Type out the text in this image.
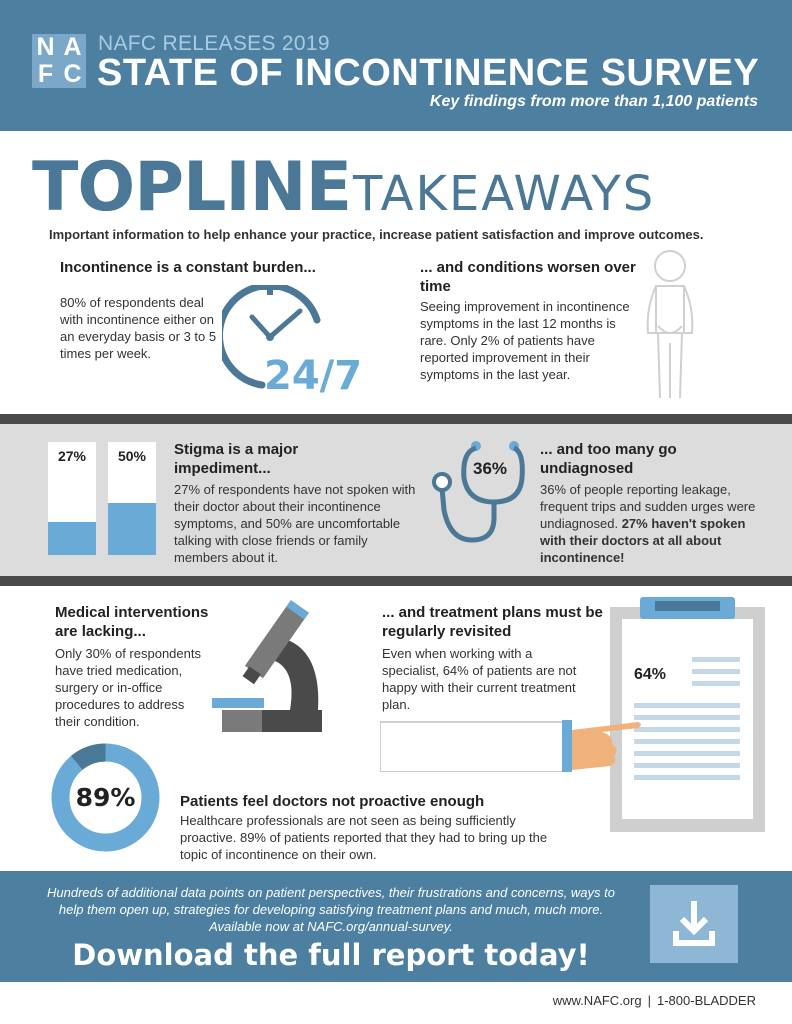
N A
F C
NAFC RELEASES 2019
STATE OF INCONTINENCE SURVEY
Key findings from more than 1,100 patients
TOPLINETAKEAWAYS
Important information to help enhance your practice, increase patient satisfaction and improve outcomes.
Incontinence is a constant burden...

80% of respondents deal with incontinence either on an everyday basis or 3 to 5 times per week.	24/7
... and conditions worsen over time

Seeing improvement in incontinence symptoms in the last 12 months is rare. Only 2% of patients have reported improvement in their symptoms in the last year.

27%	50%	Stigma is a major impediment...

27% of respondents have not spoken with their doctor about their incontinence symptoms, and 50% are uncomfortable talking with close friends or family members about it.

36%
... and too many go undiagnosed

36% of people reporting leakage, frequent trips and sudden urges were undiagnosed. 27% haven't spoken with their doctors at all about incontinence!

Medical interventions are lacking...

Only 30% of respondents have tried medication, surgery or in-office procedures to address their condition.

... and treatment plans must be regularly revisited

Even when working with a specialist, 64% of patients are not happy with their current treatment plan.

64%
89%	Patients feel doctors not proactive enough

Healthcare professionals are not seen as being sufficiently proactive. 89% of patients reported that they had to bring up the topic of incontinence on their own.

Hundreds of additional data points on patient perspectives, their frustrations and concerns, ways to help them open up, strategies for developing satisfying treatment plans and much, much more. Available now at NAFC.org/annual-survey.

Download the full report today!
www.NAFC.org | 1-800-BLADDER
